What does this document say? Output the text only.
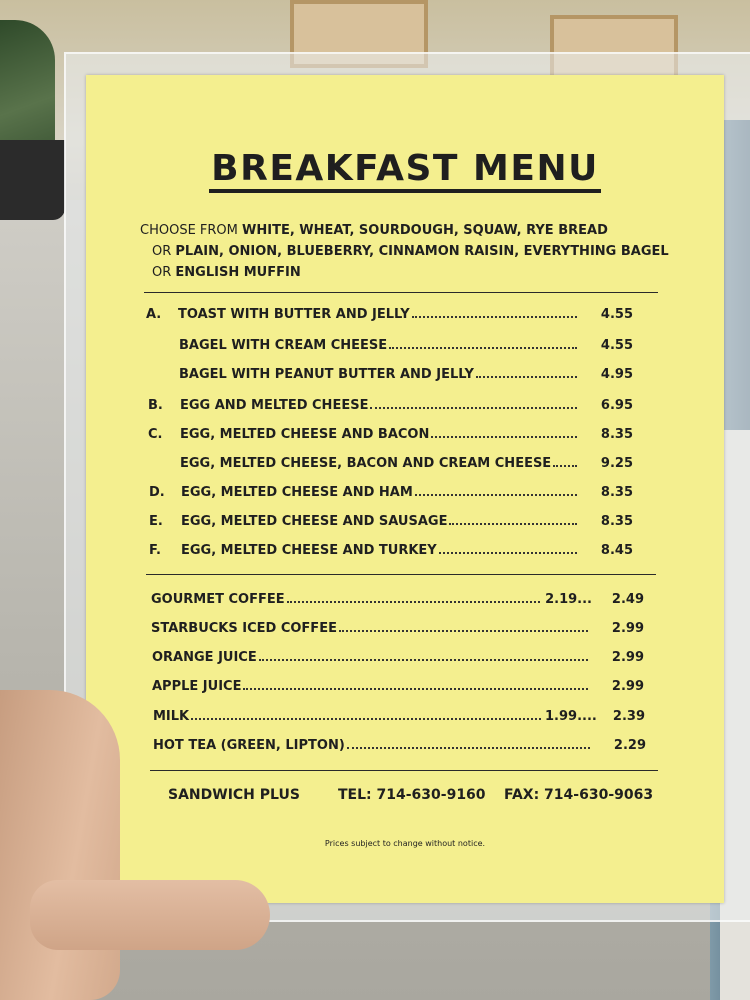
BREAKFAST MENU
CHOOSE FROM WHITE, WHEAT, SOURDOUGH, SQUAW, RYE BREAD
OR PLAIN, ONION, BLUEBERRY, CINNAMON RAISIN, EVERYTHING BAGEL
OR ENGLISH MUFFIN
A. TOAST WITH BUTTER AND JELLY	4.55
BAGEL WITH CREAM CHEESE	4.55
BAGEL WITH PEANUT BUTTER AND JELLY	4.95
B. EGG AND MELTED CHEESE	6.95
C. EGG, MELTED CHEESE AND BACON	8.35
EGG, MELTED CHEESE, BACON AND CREAM CHEESE	9.25
D. EGG, MELTED CHEESE AND HAM	8.35
E. EGG, MELTED CHEESE AND SAUSAGE	8.35
F. EGG, MELTED CHEESE AND TURKEY	8.45
GOURMET COFFEE	2.19...	2.49
STARBUCKS ICED COFFEE	2.99
ORANGE JUICE	2.99
APPLE JUICE	2.99
MILK	1.99....	2.39
HOT TEA (GREEN, LIPTON)	2.29
SANDWICH PLUS	TEL: 714-630-9160 FAX: 714-630-9063
Prices subject to change without notice.
